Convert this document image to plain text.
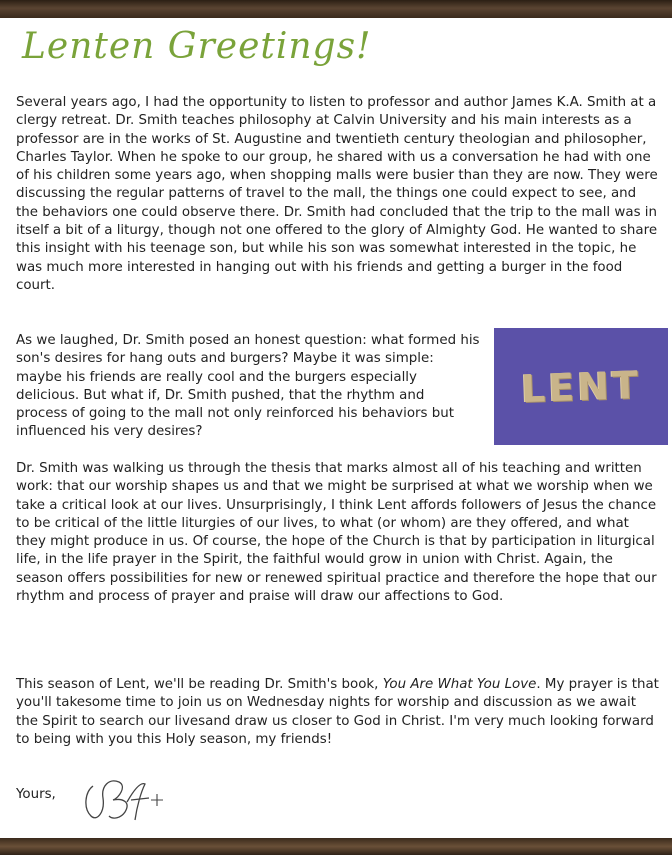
Lenten Greetings!

Several years ago, I had the opportunity to listen to professor and author James K.A. Smith at a clergy retreat. Dr. Smith teaches philosophy at Calvin University and his main interests as a professor are in the works of St. Augustine and twentieth century theologian and philosopher, Charles Taylor. When he spoke to our group, he shared with us a conversation he had with one of his children some years ago, when shopping malls were busier than they are now. They were discussing the regular patterns of travel to the mall, the things one could expect to see, and the behaviors one could observe there. Dr. Smith had concluded that the trip to the mall was in itself a bit of a liturgy, though not one offered to the glory of Almighty God. He wanted to share this insight with his teenage son, but while his son was somewhat interested in the topic, he was much more interested in hanging out with his friends and getting a burger in the food court.

As we laughed, Dr. Smith posed an honest question: what formed his son's desires for hang outs and burgers? Maybe it was simple: maybe his friends are really cool and the burgers especially delicious. But what if, Dr. Smith pushed, that the rhythm and process of going to the mall not only reinforced his behaviors but influenced his very desires?

LENT

Dr. Smith was walking us through the thesis that marks almost all of his teaching and written work: that our worship shapes us and that we might be surprised at what we worship when we take a critical look at our lives. Unsurprisingly, I think Lent affords followers of Jesus the chance to be critical of the little liturgies of our lives, to what (or whom) are they offered, and what they might produce in us. Of course, the hope of the Church is that by participation in liturgical life, in the life prayer in the Spirit, the faithful would grow in union with Christ. Again, the season offers possibilities for new or renewed spiritual practice and therefore the hope that our rhythm and process of prayer and praise will draw our affections to God.

This season of Lent, we'll be reading Dr. Smith's book, You Are What You Love. My prayer is that you'll takesome time to join us on Wednesday nights for worship and discussion as we await the Spirit to search our livesand draw us closer to God in Christ. I'm very much looking forward to being with you this Holy season, my friends!

Yours,
